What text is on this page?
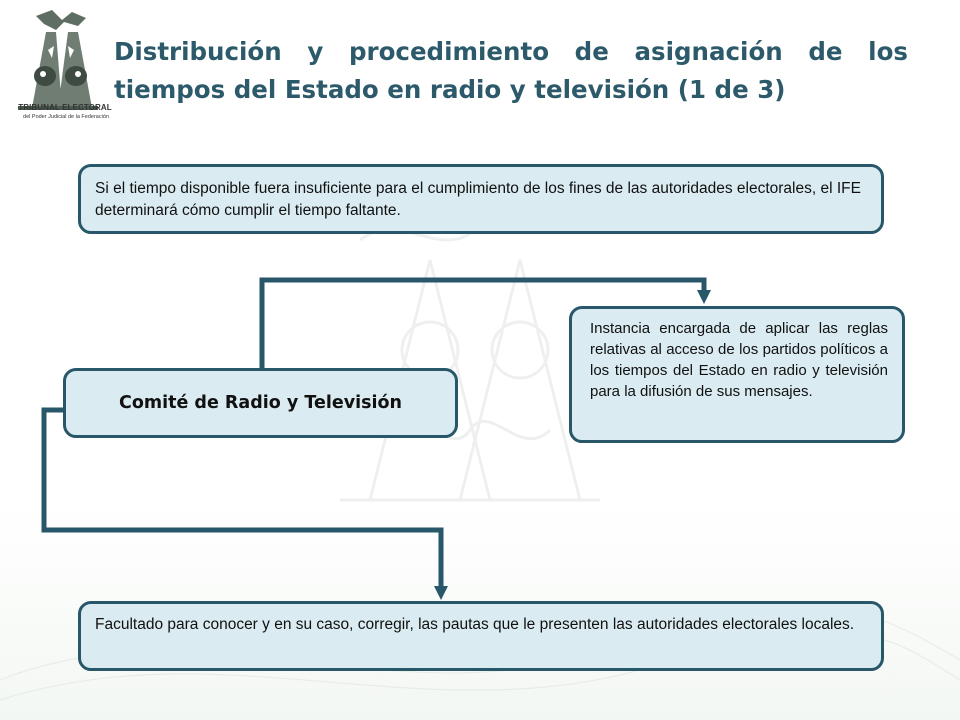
TRIBUNAL ELECTORAL
del Poder Judicial de la Federación
Distribución y procedimiento de asignación de los tiempos del Estado en radio y televisión (1 de 3)
Si el tiempo disponible fuera insuficiente para el cumplimiento de los fines de las autoridades electorales, el IFE determinará cómo cumplir el tiempo faltante.
Comité de Radio y Televisión
Instancia encargada de aplicar las reglas relativas al acceso de los partidos políticos a los tiempos del Estado en radio y televisión para la difusión de sus mensajes.
Facultado para conocer y en su caso, corregir, las pautas que le presenten las autoridades electorales locales.
